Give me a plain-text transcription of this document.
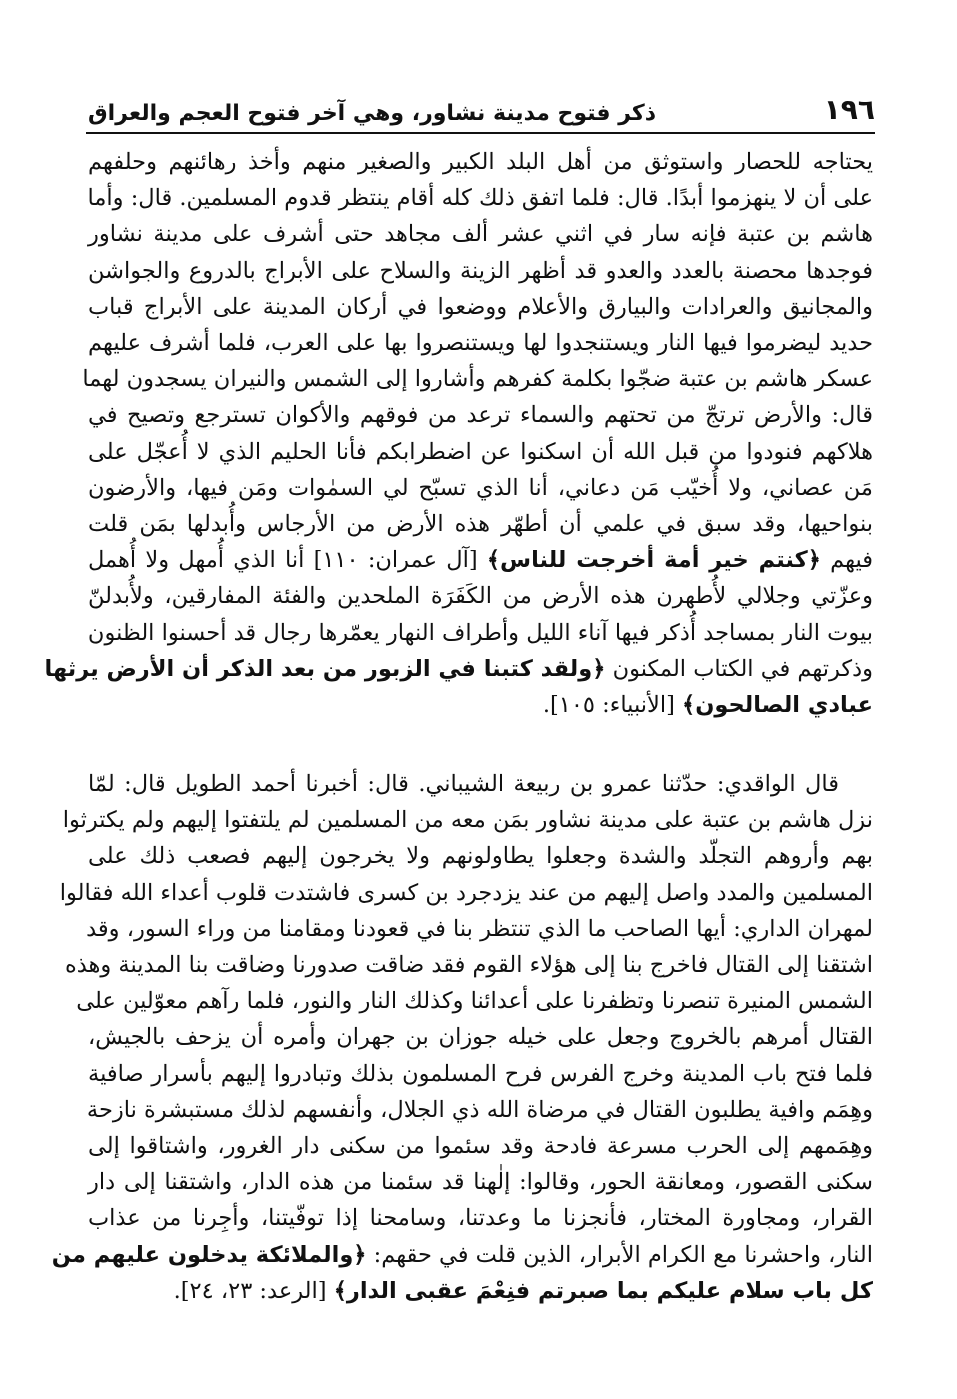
١٩٦
ذكر فتوح مدينة نشاور، وهي آخر فتوح العجم والعراق
يحتاجه للحصار واستوثق من أهل البلد الكبير والصغير منهم وأخذ رهائنهم وحلفهم
على أن لا ينهزموا أبدًا. قال: فلما اتفق ذلك كله أقام ينتظر قدوم المسلمين. قال: وأما
هاشم بن عتبة فإنه سار في اثني عشر ألف مجاهد حتى أشرف على مدينة نشاور
فوجدها محصنة بالعدد والعدو قد أظهر الزينة والسلاح على الأبراج بالدروع والجواشن
والمجانيق والعرادات والبيارق والأعلام ووضعوا في أركان المدينة على الأبراج قباب
حديد ليضرموا فيها النار ويستنجدوا لها ويستنصروا بها على العرب، فلما أشرف عليهم
عسكر هاشم بن عتبة ضجّوا بكلمة كفرهم وأشاروا إلى الشمس والنيران يسجدون لهما
قال: والأرض ترتجّ من تحتهم والسماء ترعد من فوقهم والأكوان تسترجع وتصيح في
هلاكهم فنودوا من قبل الله أن اسكنوا عن اضطرابكم فأنا الحليم الذي لا أُعجّل على
مَن عصاني، ولا أُخيّب مَن دعاني، أنا الذي تسبّح لي السمٰوات ومَن فيها، والأرضون
بنواحيها، وقد سبق في علمي أن أطهّر هذه الأرض من الأرجاس وأُبدلها بمَن قلت
فيهم ﴿كنتم خير أمة أخرجت للناس﴾ [آل عمران: ١١٠] أنا الذي أُمهل ولا أُهمل
وعزّتي وجلالي لأُطهرن هذه الأرض من الكَفَرَة الملحدين والفئة المفارقين، ولأُبدلنّ
بيوت النار بمساجد أُذكر فيها آناء الليل وأطراف النهار يعمّرها رجال قد أحسنوا الظنون
وذكرتهم في الكتاب المكنون ﴿ولقد كتبنا في الزبور من بعد الذكر أن الأرض يرثها
عبادي الصالحون﴾ [الأنبياء: ١٠٥].
قال الواقدي: حدّثنا عمرو بن ربيعة الشيباني. قال: أخبرنا أحمد الطويل قال: لمّا
نزل هاشم بن عتبة على مدينة نشاور بمَن معه من المسلمين لم يلتفتوا إليهم ولم يكترثوا
بهم وأروهم التجلّد والشدة وجعلوا يطاولونهم ولا يخرجون إليهم فصعب ذلك على
المسلمين والمدد واصل إليهم من عند يزدجرد بن كسرى فاشتدت قلوب أعداء الله فقالوا
لمهران الداري: أيها الصاحب ما الذي تنتظر بنا في قعودنا ومقامنا من وراء السور، وقد
اشتقنا إلى القتال فاخرج بنا إلى هؤلاء القوم فقد ضاقت صدورنا وضاقت بنا المدينة وهذه
الشمس المنيرة تنصرنا وتظفرنا على أعدائنا وكذلك النار والنور، فلما رآهم معوّلين على
القتال أمرهم بالخروج وجعل على خيله جوزان بن جهران وأمره أن يزحف بالجيش،
فلما فتح باب المدينة وخرج الفرس فرح المسلمون بذلك وتبادروا إليهم بأسرار صافية
وهِمَم وافية يطلبون القتال في مرضاة الله ذي الجلال، وأنفسهم لذلك مستبشرة نازحة
وهِمَمهم إلى الحرب مسرعة فادحة وقد سئموا من سكنى دار الغرور، واشتاقوا إلى
سكنى القصور، ومعانقة الحور، وقالوا: إلٰهنا قد سئمنا من هذه الدار، واشتقنا إلى دار
القرار، ومجاورة المختار، فأنجزنا ما وعدتنا، وسامحنا إذا توفّيتنا، وأجِرنا من عذاب
النار، واحشرنا مع الكرام الأبرار، الذين قلت في حقهم: ﴿والملائكة يدخلون عليهم من
كل باب سلام عليكم بما صبرتم فنِعْمَ عقبى الدار﴾ [الرعد: ٢٣، ٢٤].
